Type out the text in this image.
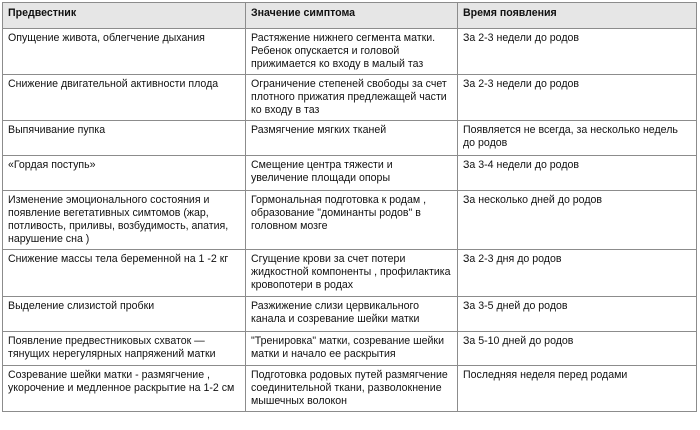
Предвестник	Значение симптома	Время появления
Опущение живота, облегчение дыхания	Растяжение нижнего сегмента матки. Ребенок опускается и головой прижимается ко входу в малый таз	За 2-3 недели до родов
Снижение двигательной активности плода	Ограничение степеней свободы за счет плотного прижатия предлежащей части ко входу в таз	За 2-3 недели до родов
Выпячивание пупка	Размягчение мягких тканей	Появляется не всегда, за несколько недель до родов
«Гордая поступь»	Смещение центра тяжести и увеличение площади опоры	За 3-4 недели до родов
Изменение эмоционального состояния и появление вегетативных симтомов (жар, потливость, приливы, возбудимость, апатия, нарушение сна )	Гормональная подготовка к родам , образование "доминанты родов" в головном мозге	За несколько дней до родов
Снижение массы тела беременной на 1 -2 кг	Сгущение крови за счет потери жидкостной компоненты , профилактика кровопотери в родах	За 2-3 дня до родов
Выделение слизистой пробки	Разжижение слизи цервикального канала и созревание шейки матки	За 3-5 дней до родов
Появление предвестниковых схваток — тянущих нерегулярных напряжений матки	"Тренировка" матки, созревание шейки матки и начало ее раскрытия	За 5-10 дней до родов
Созревание шейки матки - размягчение , укорочение и медленное раскрытие на 1-2 см	Подготовка родовых путей размягчение соединительной ткани, разволокнение мышечных волокон	Последняя неделя перед родами
